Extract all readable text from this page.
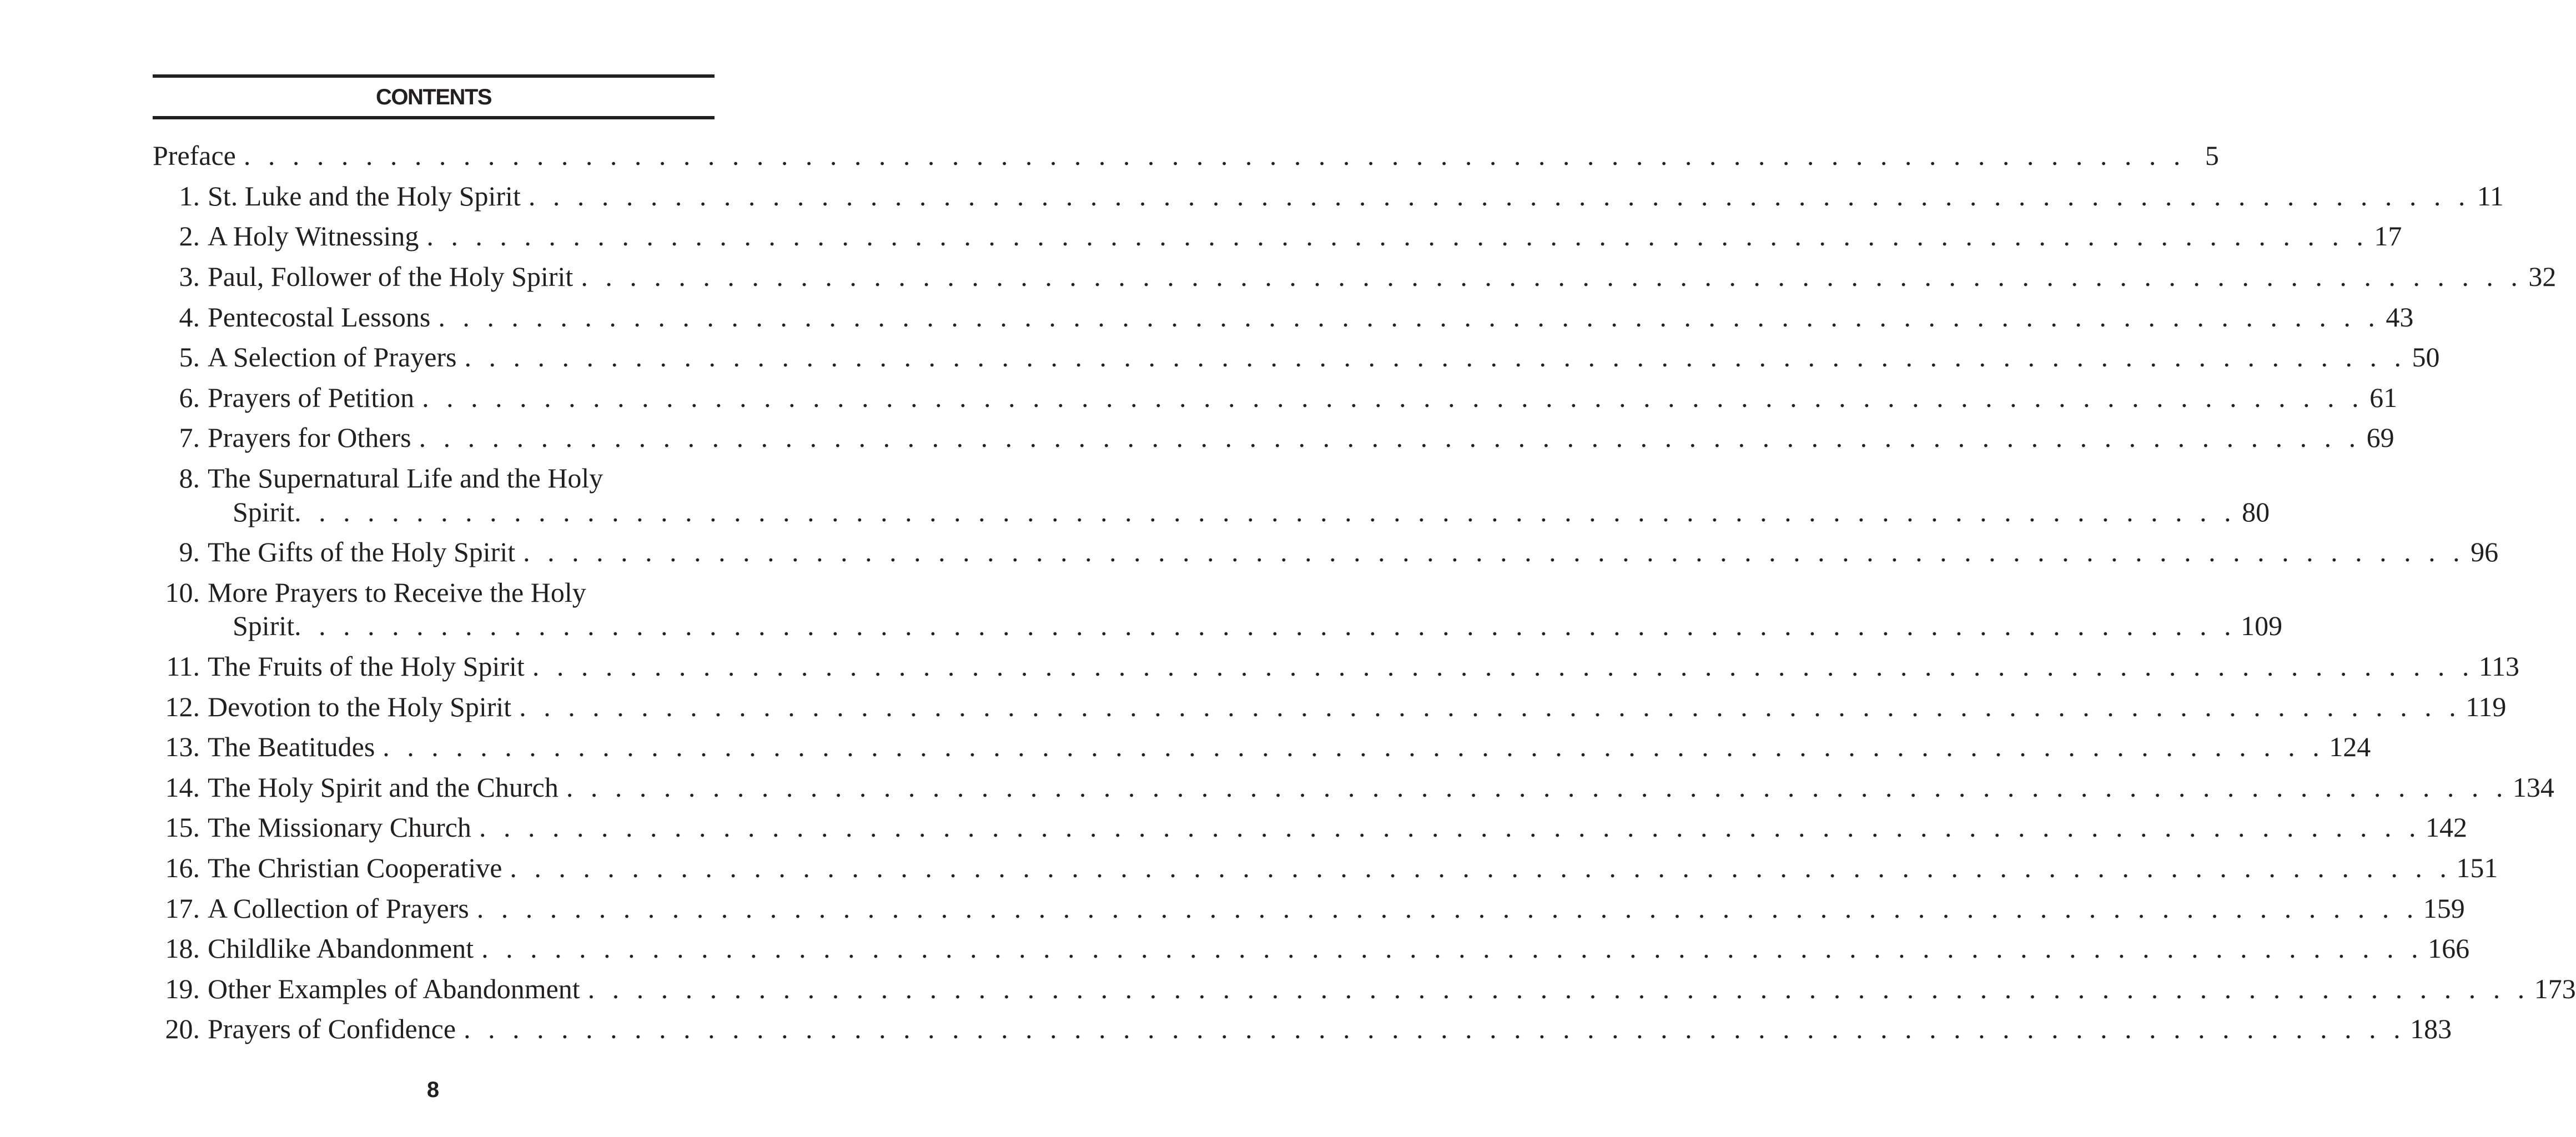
CONTENTS
Preface . . . . . . . . . . . . . . . . . . . . . . . . . . . . . . . . . . . . . . . . . . . . . . . . . . . . . . . . . . . . . . . . . . . . . . . . . . . . . . . . 5
1. St. Luke and the Holy Spirit . . . . . . . . . . . . . . . . . . . . . . . . . . . . . . . . . . . . . . . . . . . . . . . . . . . . . . . . . . . . . . . . . . . . . . . . . . . . . . . . 11
2. A Holy Witnessing . . . . . . . . . . . . . . . . . . . . . . . . . . . . . . . . . . . . . . . . . . . . . . . . . . . . . . . . . . . . . . . . . . . . . . . . . . . . . . . . 17
3. Paul, Follower of the Holy Spirit . . . . . . . . . . . . . . . . . . . . . . . . . . . . . . . . . . . . . . . . . . . . . . . . . . . . . . . . . . . . . . . . . . . . . . . . . . . . . . . . 32
4. Pentecostal Lessons . . . . . . . . . . . . . . . . . . . . . . . . . . . . . . . . . . . . . . . . . . . . . . . . . . . . . . . . . . . . . . . . . . . . . . . . . . . . . . . . 43
5. A Selection of Prayers . . . . . . . . . . . . . . . . . . . . . . . . . . . . . . . . . . . . . . . . . . . . . . . . . . . . . . . . . . . . . . . . . . . . . . . . . . . . . . . . 50
6. Prayers of Petition . . . . . . . . . . . . . . . . . . . . . . . . . . . . . . . . . . . . . . . . . . . . . . . . . . . . . . . . . . . . . . . . . . . . . . . . . . . . . . . . 61
7. Prayers for Others . . . . . . . . . . . . . . . . . . . . . . . . . . . . . . . . . . . . . . . . . . . . . . . . . . . . . . . . . . . . . . . . . . . . . . . . . . . . . . . . 69
8. The Supernatural Life and the Holy
Spirit . . . . . . . . . . . . . . . . . . . . . . . . . . . . . . . . . . . . . . . . . . . . . . . . . . . . . . . . . . . . . . . . . . . . . . . . . . . . . . . . 80
9. The Gifts of the Holy Spirit . . . . . . . . . . . . . . . . . . . . . . . . . . . . . . . . . . . . . . . . . . . . . . . . . . . . . . . . . . . . . . . . . . . . . . . . . . . . . . . . 96
10. More Prayers to Receive the Holy
Spirit . . . . . . . . . . . . . . . . . . . . . . . . . . . . . . . . . . . . . . . . . . . . . . . . . . . . . . . . . . . . . . . . . . . . . . . . . . . . . . . . 109
11. The Fruits of the Holy Spirit . . . . . . . . . . . . . . . . . . . . . . . . . . . . . . . . . . . . . . . . . . . . . . . . . . . . . . . . . . . . . . . . . . . . . . . . . . . . . . . . 113
12. Devotion to the Holy Spirit . . . . . . . . . . . . . . . . . . . . . . . . . . . . . . . . . . . . . . . . . . . . . . . . . . . . . . . . . . . . . . . . . . . . . . . . . . . . . . . . 119
13. The Beatitudes . . . . . . . . . . . . . . . . . . . . . . . . . . . . . . . . . . . . . . . . . . . . . . . . . . . . . . . . . . . . . . . . . . . . . . . . . . . . . . . . 124
14. The Holy Spirit and the Church . . . . . . . . . . . . . . . . . . . . . . . . . . . . . . . . . . . . . . . . . . . . . . . . . . . . . . . . . . . . . . . . . . . . . . . . . . . . . . . . 134
15. The Missionary Church . . . . . . . . . . . . . . . . . . . . . . . . . . . . . . . . . . . . . . . . . . . . . . . . . . . . . . . . . . . . . . . . . . . . . . . . . . . . . . . . 142
16. The Christian Cooperative . . . . . . . . . . . . . . . . . . . . . . . . . . . . . . . . . . . . . . . . . . . . . . . . . . . . . . . . . . . . . . . . . . . . . . . . . . . . . . . . 151
17. A Collection of Prayers . . . . . . . . . . . . . . . . . . . . . . . . . . . . . . . . . . . . . . . . . . . . . . . . . . . . . . . . . . . . . . . . . . . . . . . . . . . . . . . . 159
18. Childlike Abandonment . . . . . . . . . . . . . . . . . . . . . . . . . . . . . . . . . . . . . . . . . . . . . . . . . . . . . . . . . . . . . . . . . . . . . . . . . . . . . . . . 166
19. Other Examples of Abandonment . . . . . . . . . . . . . . . . . . . . . . . . . . . . . . . . . . . . . . . . . . . . . . . . . . . . . . . . . . . . . . . . . . . . . . . . . . . . . . . . 173
20. Prayers of Confidence . . . . . . . . . . . . . . . . . . . . . . . . . . . . . . . . . . . . . . . . . . . . . . . . . . . . . . . . . . . . . . . . . . . . . . . . . . . . . . . . 183
8
